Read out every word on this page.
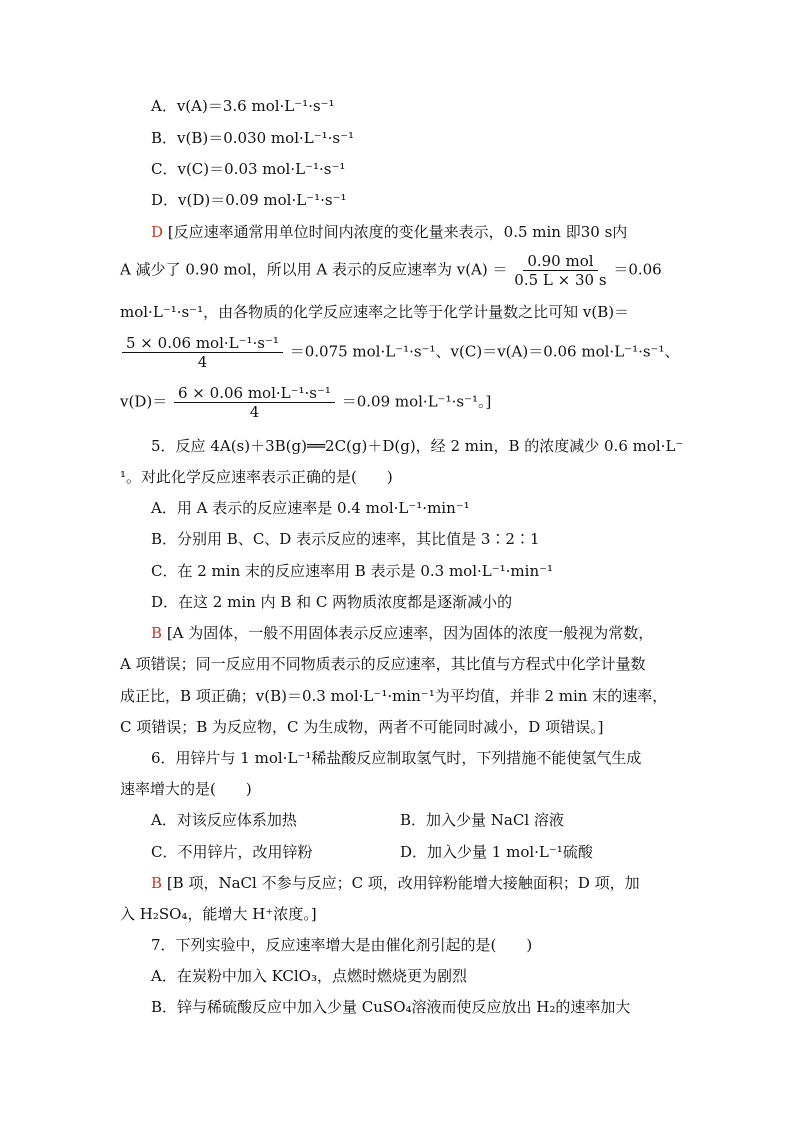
A．v(A)＝3.6 mol·L⁻¹·s⁻¹
B．v(B)＝0.030 mol·L⁻¹·s⁻¹
C．v(C)＝0.03 mol·L⁻¹·s⁻¹
D．v(D)＝0.09 mol·L⁻¹·s⁻¹
D [反应速率通常用单位时间内浓度的变化量来表示，0.5 min 即30 s内
A 减少了 0.90 mol，所以用 A 表示的反应速率为 $v(A) = \frac{\text{0.90 mol}}{0.5 L \times 30 s} =0.06$
mol·L⁻¹·s⁻¹，由各物质的化学反应速率之比等于化学计量数之比可知 v(B)＝
$\frac{\text{5 × 0.06 mol·L⁻¹·s⁻¹}}{4} =0.075$ mol·L⁻¹·s⁻¹、v(C)＝v(A)＝0.06 mol·L⁻¹·s⁻¹、
$v(D)= \frac{\text{6 × 0.06 mol·L⁻¹·s⁻¹}}{4} =0.09$ mol·L⁻¹·s⁻¹。]
5．反应 4A(s)＋3B(g)══2C(g)＋D(g)，经 2 min，B 的浓度减少 0.6 mol·L⁻
¹。对此化学反应速率表示正确的是(　　)
A．用 A 表示的反应速率是 0.4 mol·L⁻¹·min⁻¹
B．分别用 B、C、D 表示反应的速率，其比值是 3∶2∶1
C．在 2 min 末的反应速率用 B 表示是 0.3 mol·L⁻¹·min⁻¹
D．在这 2 min 内 B 和 C 两物质浓度都是逐渐减小的
B [A 为固体，一般不用固体表示反应速率，因为固体的浓度一般视为常数，
A 项错误；同一反应用不同物质表示的反应速率，其比值与方程式中化学计量数
成正比，B 项正确；v(B)＝0.3 mol·L⁻¹·min⁻¹为平均值，并非 2 min 末的速率，
C 项错误；B 为反应物，C 为生成物，两者不可能同时减小，D 项错误。]
6．用锌片与 1 mol·L⁻¹稀盐酸反应制取氢气时，下列措施不能使氢气生成
速率增大的是(　　)
A．对该反应体系加热	B．加入少量 NaCl 溶液
C．不用锌片，改用锌粉	D．加入少量 1 mol·L⁻¹硫酸
B [B 项，NaCl 不参与反应；C 项，改用锌粉能增大接触面积；D 项，加
入 H₂SO₄，能增大 H⁺浓度。]
7．下列实验中，反应速率增大是由催化剂引起的是(　　)
A．在炭粉中加入 KClO₃，点燃时燃烧更为剧烈
B．锌与稀硫酸反应中加入少量 CuSO₄溶液而使反应放出 H₂的速率加大
